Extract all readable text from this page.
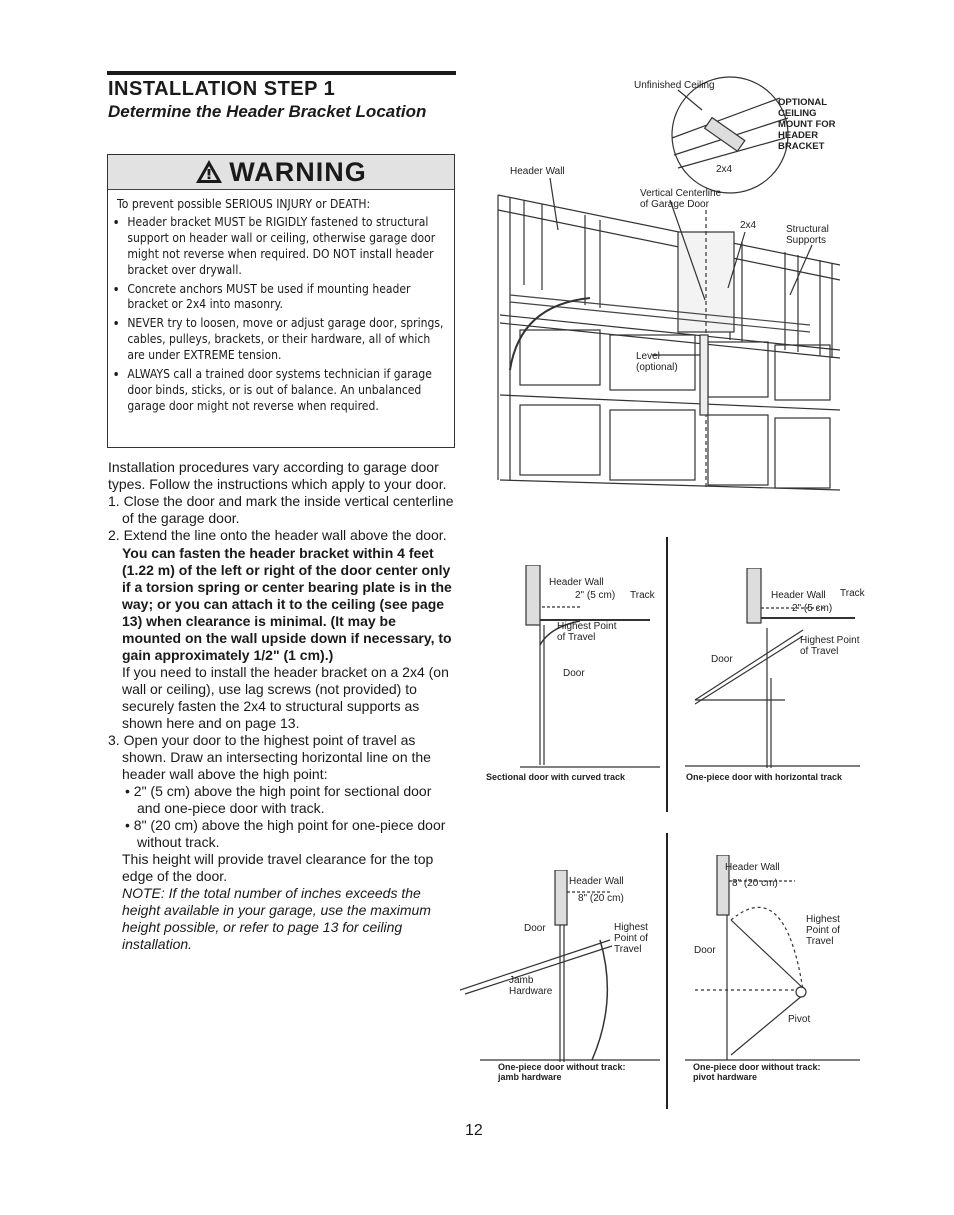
INSTALLATION STEP 1
Determine the Header Bracket Location
WARNING
To prevent possible SERIOUS INJURY or DEATH:
• Header bracket MUST be RIGIDLY fastened to structural support on header wall or ceiling, otherwise garage door might not reverse when required. DO NOT install header bracket over drywall.
• Concrete anchors MUST be used if mounting header bracket or 2x4 into masonry.
• NEVER try to loosen, move or adjust garage door, springs, cables, pulleys, brackets, or their hardware, all of which are under EXTREME tension.
• ALWAYS call a trained door systems technician if garage door binds, sticks, or is out of balance. An unbalanced garage door might not reverse when required.

Installation procedures vary according to garage door types. Follow the instructions which apply to your door.

1. Close the door and mark the inside vertical centerline of the garage door.
2. Extend the line onto the header wall above the door.
You can fasten the header bracket within 4 feet (1.22 m) of the left or right of the door center only if a torsion spring or center bearing plate is in the way; or you can attach it to the ceiling (see page 13) when clearance is minimal. (It may be mounted on the wall upside down if necessary, to gain approximately 1/2" (1 cm).)
If you need to install the header bracket on a 2x4 (on wall or ceiling), use lag screws (not provided) to securely fasten the 2x4 to structural supports as shown here and on page 13.
3. Open your door to the highest point of travel as shown. Draw an intersecting horizontal line on the header wall above the high point:
• 2" (5 cm) above the high point for sectional door and one-piece door with track.
• 8" (20 cm) above the high point for one-piece door without track.
This height will provide travel clearance for the top edge of the door.
NOTE: If the total number of inches exceeds the height available in your garage, use the maximum height possible, or refer to page 13 for ceiling installation.
Unfinished Ceiling
OPTIONAL CEILING MOUNT FOR HEADER BRACKET
2x4
Header Wall
Vertical Centerline of Garage Door
2x4	Structural Supports
Level (optional)
Header Wall
2" (5 cm) Track
Highest Point of Travel
Door
Sectional door with curved track
Header Wall Track
2" (5 cm)
Highest Point of Travel
Door
One-piece door with horizontal track
Header Wall
8" (20 cm)
Door	Highest Point of Travel
Jamb Hardware
One-piece door without track:
jamb hardware
Header Wall
8" (20 cm)
Highest Point of Travel
Door
Pivot
One-piece door without track:
pivot hardware
12
